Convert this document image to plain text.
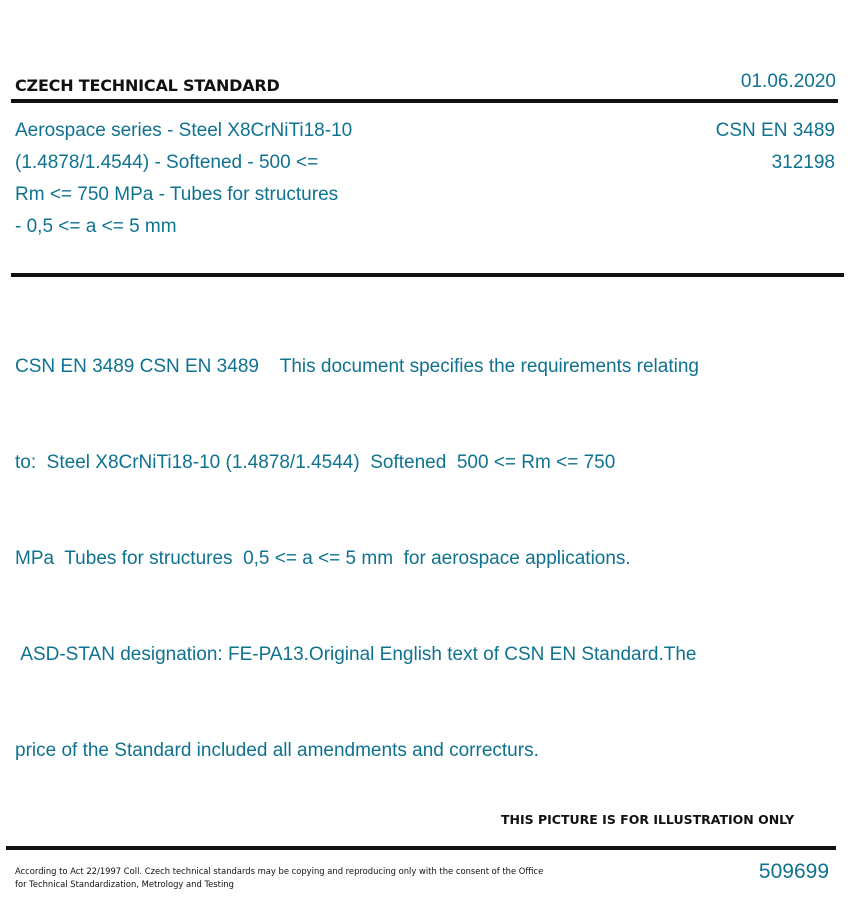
CZECH TECHNICAL STANDARD	01.06.2020
Aerospace series - Steel X8CrNiTi18-10
(1.4878/1.4544) - Softened - 500 <=
Rm <= 750 MPa - Tubes for structures
- 0,5 <= a <= 5 mm
CSN EN 3489
312198

CSN EN 3489 CSN EN 3489    This document specifies the requirements relating

to:  Steel X8CrNiTi18-10 (1.4878/1.4544)  Softened  500 <= Rm <= 750

MPa  Tubes for structures  0,5 <= a <= 5 mm  for aerospace applications.

ASD-STAN designation: FE-PA13.Original English text of CSN EN Standard.The

price of the Standard included all amendments and correcturs.

THIS PICTURE IS FOR ILLUSTRATION ONLY
According to Act 22/1997 Coll. Czech technical standards may be copying and reproducing only with the consent of the Office
for Technical Standardization, Metrology and Testing
509699
